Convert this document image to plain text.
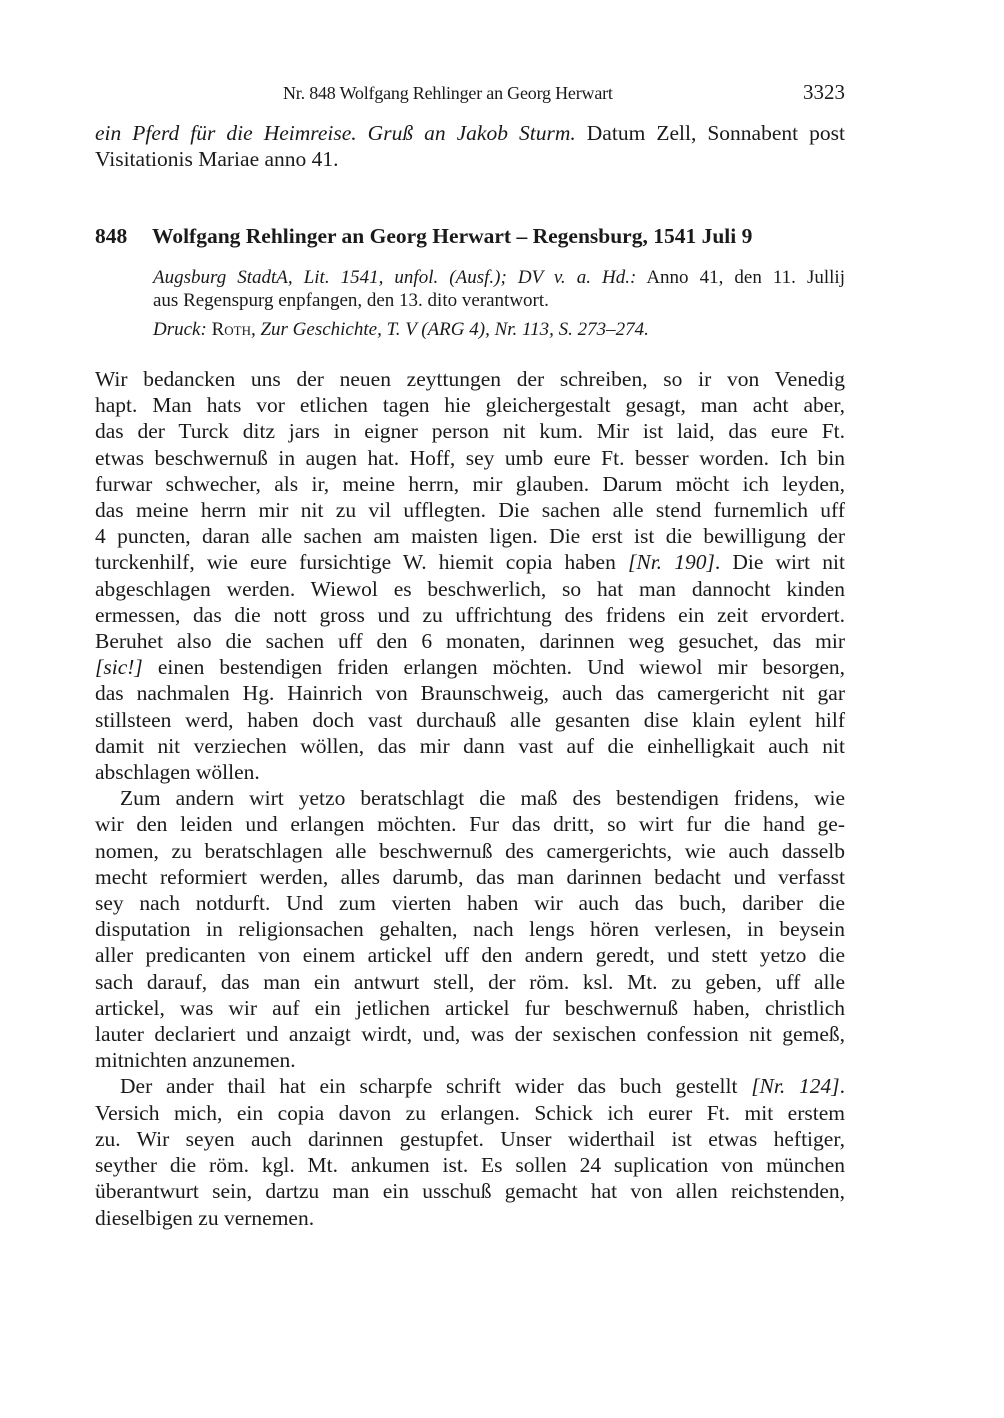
Nr. 848 Wolfgang Rehlinger an Georg Herwart	3323
ein Pferd für die Heimreise. Gruß an Jakob Sturm. Datum Zell, Sonnabent post
Visitationis Mariae anno 41.
848 Wolfgang Rehlinger an Georg Herwart – Regensburg, 1541 Juli 9

Augsburg StadtA, Lit. 1541, unfol. (Ausf.); DV v. a. Hd.: Anno 41, den 11. Jullij
aus Regenspurg enpfangen, den 13. dito verantwort.

Druck: Roth, Zur Geschichte, T. V (ARG 4), Nr. 113, S. 273–274.

Wir bedancken uns der neuen zeyttungen der schreiben, so ir von Venedig
hapt. Man hats vor etlichen tagen hie gleichergestalt gesagt, man acht aber,
das der Turck ditz jars in eigner person nit kum. Mir ist laid, das eure Ft.
etwas beschwernuß in augen hat. Hoff, sey umb eure Ft. besser worden. Ich bin
furwar schwecher, als ir, meine herrn, mir glauben. Darum möcht ich leyden,
das meine herrn mir nit zu vil ufflegten. Die sachen alle stend furnemlich uff
4 puncten, daran alle sachen am maisten ligen. Die erst ist die bewilligung der
turckenhilf, wie eure fursichtige W. hiemit copia haben [Nr. 190]. Die wirt nit
abgeschlagen werden. Wiewol es beschwerlich, so hat man dannocht kinden
ermessen, das die nott gross und zu uffrichtung des fridens ein zeit ervordert.
Beruhet also die sachen uff den 6 monaten, darinnen weg gesuchet, das mir
[sic!] einen bestendigen friden erlangen möchten. Und wiewol mir besorgen,
das nachmalen Hg. Hainrich von Braunschweig, auch das camergericht nit gar
stillsteen werd, haben doch vast durchauß alle gesanten dise klain eylent hilf
damit nit verziechen wöllen, das mir dann vast auf die einhelligkait auch nit
abschlagen wöllen.
Zum andern wirt yetzo beratschlagt die maß des bestendigen fridens, wie
wir den leiden und erlangen möchten. Fur das dritt, so wirt fur die hand ge-
nomen, zu beratschlagen alle beschwernuß des camergerichts, wie auch dasselb
mecht reformiert werden, alles darumb, das man darinnen bedacht und verfasst
sey nach notdurft. Und zum vierten haben wir auch das buch, dariber die
disputation in religionsachen gehalten, nach lengs hören verlesen, in beysein
aller predicanten von einem artickel uff den andern geredt, und stett yetzo die
sach darauf, das man ein antwurt stell, der röm. ksl. Mt. zu geben, uff alle
artickel, was wir auf ein jetlichen artickel fur beschwernuß haben, christlich
lauter declariert und anzaigt wirdt, und, was der sexischen confession nit gemeß,
mitnichten anzunemen.
Der ander thail hat ein scharpfe schrift wider das buch gestellt [Nr. 124].
Versich mich, ein copia davon zu erlangen. Schick ich eurer Ft. mit erstem
zu. Wir seyen auch darinnen gestupfet. Unser widerthail ist etwas heftiger,
seyther die röm. kgl. Mt. ankumen ist. Es sollen 24 suplication von münchen
überantwurt sein, dartzu man ein usschuß gemacht hat von allen reichstenden,
dieselbigen zu vernemen.
